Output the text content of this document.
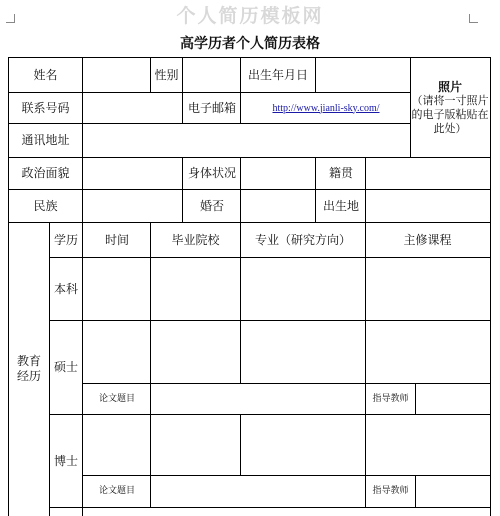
个人简历模板网
高学历者个人简历表格
姓名	性别	出生年月日
照片
（请将一寸照片的电子版粘贴在此处）
联系号码	电子邮箱	http://www.jianli-sky.com/
通讯地址
政治面貌	身体状况	籍贯
民族	婚否	出生地
教育经历
学历	时间	毕业院校	专业（研究方向）	主修课程
本科
硕士
论文题目	指导教师
博士
论文题目	指导教师
